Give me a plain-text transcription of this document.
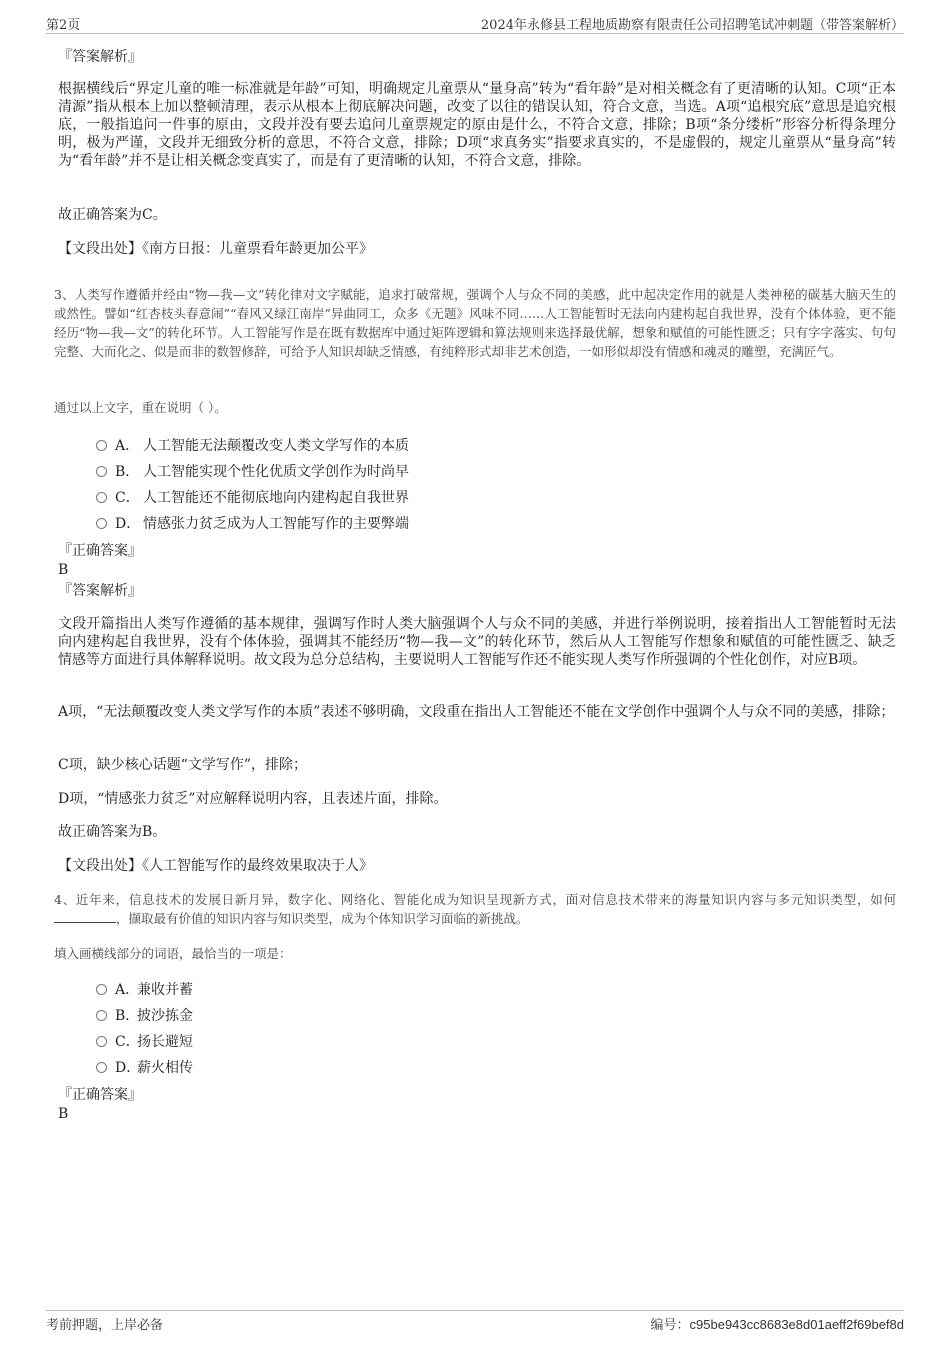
第2页	2024年永修县工程地质勘察有限责任公司招聘笔试冲刺题（带答案解析）
『答案解析』
根据横线后“界定儿童的唯一标准就是年龄”可知，明确规定儿童票从“量身高”转为“看年龄”是对相关概念有了更清晰的认知。C项“正本清源”指从根本上加以整顿清理，表示从根本上彻底解决问题，改变了以往的错误认知，符合文意，当选。A项“追根究底”意思是追究根底，一般指追问一件事的原由，文段并没有要去追问儿童票规定的原由是什么，不符合文意，排除；B项“条分缕析”形容分析得条理分明，极为严谨，文段并无细致分析的意思，不符合文意，排除；D项“求真务实”指要求真实的，不是虚假的，规定儿童票从“量身高”转为“看年龄”并不是让相关概念变真实了，而是有了更清晰的认知，不符合文意，排除。
故正确答案为C。
【文段出处】《南方日报：儿童票看年龄更加公平》
3、人类写作遵循并经由“物—我—文”转化律对文字赋能，追求打破常规，强调个人与众不同的美感，此中起决定作用的就是人类神秘的碳基大脑天生的或然性。譬如“红杏枝头春意闹”“春风又绿江南岸”异曲同工，众多《无题》风味不同……人工智能暂时无法向内建构起自我世界，没有个体体验，更不能经历“物—我—文”的转化环节。人工智能写作是在既有数据库中通过矩阵逻辑和算法规则来选择最优解，想象和赋值的可能性匮乏；只有字字落实、句句完整、大而化之、似是而非的数智修辞，可给予人知识却缺乏情感，有纯粹形式却非艺术创造，一如形似却没有情感和魂灵的雕塑，充满匠气。
通过以上文字，重在说明（ ）。
A． 人工智能无法颠覆改变人类文学写作的本质
B． 人工智能实现个性化优质文学创作为时尚早
C． 人工智能还不能彻底地向内建构起自我世界
D． 情感张力贫乏成为人工智能写作的主要弊端
『正确答案』
B
『答案解析』
文段开篇指出人类写作遵循的基本规律，强调写作时人类大脑强调个人与众不同的美感，并进行举例说明，接着指出人工智能暂时无法向内建构起自我世界，没有个体体验，强调其不能经历“物—我—文”的转化环节，然后从人工智能写作想象和赋值的可能性匮乏、缺乏情感等方面进行具体解释说明。故文段为总分总结构，主要说明人工智能写作还不能实现人类写作所强调的个性化创作，对应B项。
A项，“无法颠覆改变人类文学写作的本质”表述不够明确，文段重在指出人工智能还不能在文学创作中强调个人与众不同的美感，排除；
C项，缺少核心话题“文学写作”，排除；
D项，“情感张力贫乏”对应解释说明内容，且表述片面，排除。
故正确答案为B。
【文段出处】《人工智能写作的最终效果取决于人》
4、近年来，信息技术的发展日新月异，数字化、网络化、智能化成为知识呈现新方式，面对信息技术带来的海量知识内容与多元知识类型，如何，撷取最有价值的知识内容与知识类型，成为个体知识学习面临的新挑战。
填入画横线部分的词语，最恰当的一项是：
A．兼收并蓄
B．披沙拣金
C．扬长避短
D．薪火相传
『正确答案』
B
考前押题，上岸必备	编号：c95be943cc8683e8d01aeff2f69bef8d
